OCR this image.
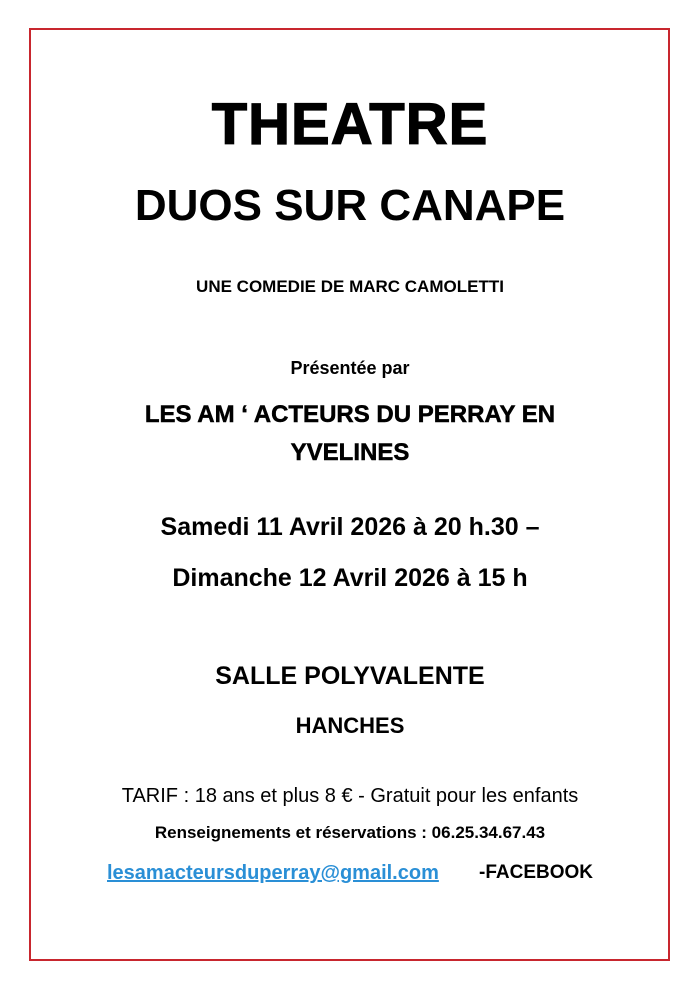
THEATRE
DUOS SUR CANAPE
UNE COMEDIE DE MARC CAMOLETTI
Présentée par
LES AM ‘ ACTEURS DU PERRAY EN
YVELINES
Samedi 11 Avril 2026 à 20 h.30 –
Dimanche 12 Avril 2026 à 15 h
SALLE POLYVALENTE
HANCHES
TARIF : 18 ans et plus 8 € - Gratuit pour les enfants
Renseignements et réservations : 06.25.34.67.43
lesamacteursduperray@gmail.com -FACEBOOK
